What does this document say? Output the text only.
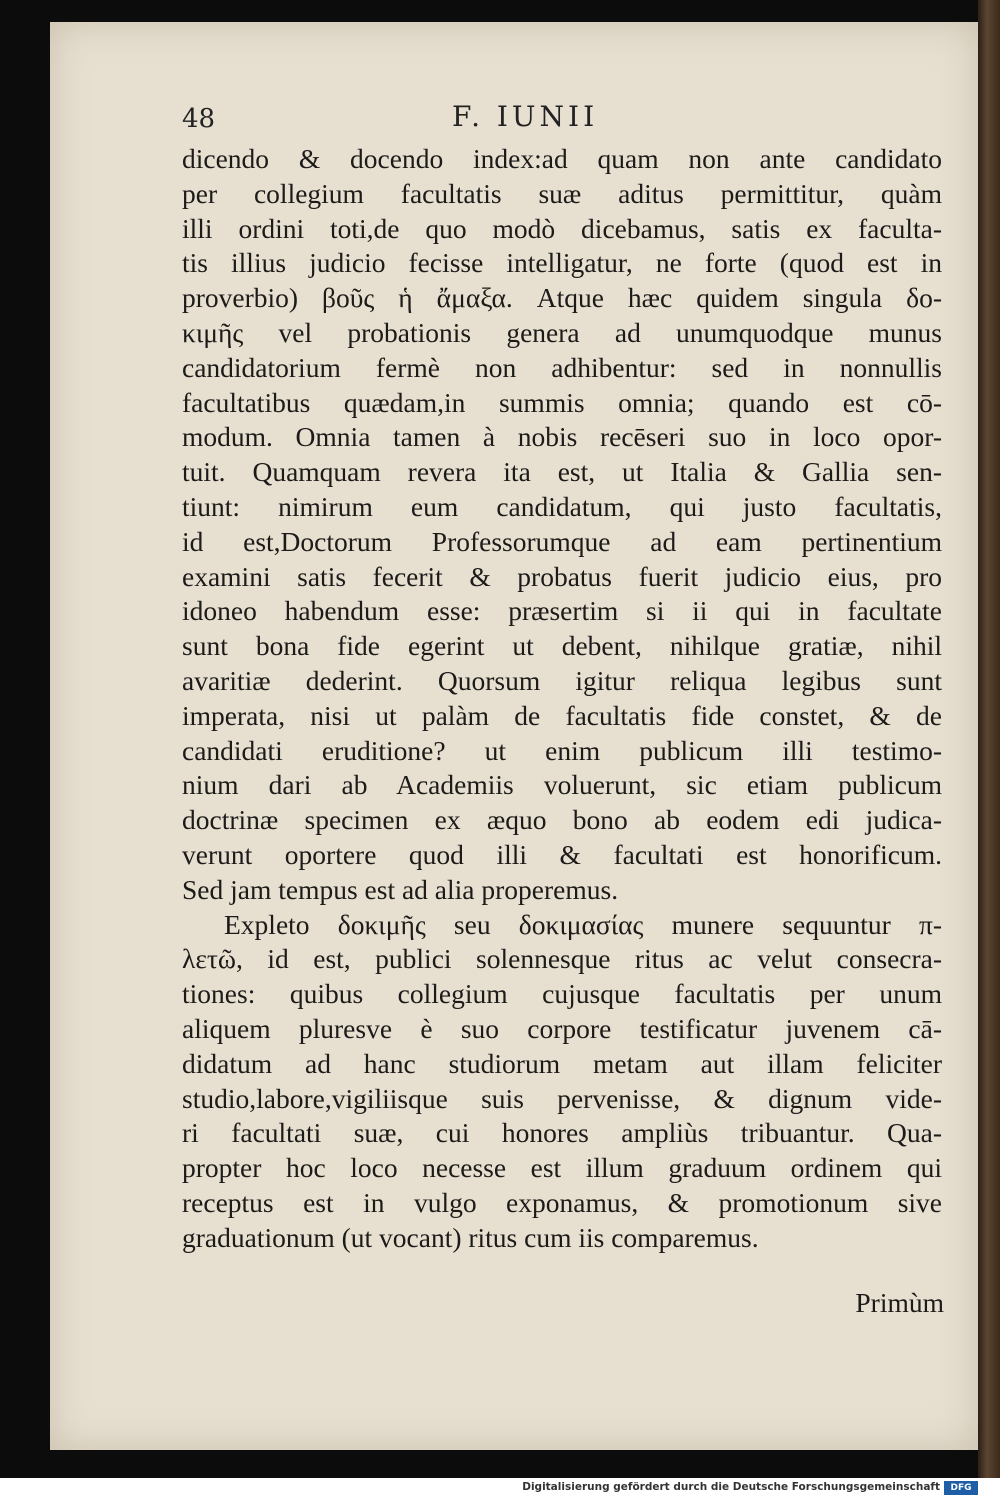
48	F. IUNII
dicendo & docendo index:ad quam non ante candidato
per collegium facultatis suæ aditus permittitur, quàm
illi ordini toti,de quo modò dicebamus, satis ex faculta-
tis illius judicio fecisse intelligatur, ne forte (quod est in
proverbio) βοῦς ἡ ἄμαξα. Atque hæc quidem singula δο-
κιμῆς vel probationis genera ad unumquodque munus
candidatorium fermè non adhibentur: sed in nonnullis
facultatibus quædam,in summis omnia; quando est cō-
modum. Omnia tamen à nobis recēseri suo in loco opor-
tuit. Quamquam revera ita est, ut Italia & Gallia sen-
tiunt: nimirum eum candidatum, qui justo facultatis,
id est,Doctorum Professorumque ad eam pertinentium
examini satis fecerit & probatus fuerit judicio eius, pro
idoneo habendum esse: præsertim si ii qui in facultate
sunt bona fide egerint ut debent, nihilque gratiæ, nihil
avaritiæ dederint. Quorsum igitur reliqua legibus sunt
imperata, nisi ut palàm de facultatis fide constet, & de
candidati eruditione? ut enim publicum illi testimo-
nium dari ab Academiis voluerunt, sic etiam publicum
doctrinæ specimen ex æquo bono ab eodem edi judica-
verunt oportere quod illi & facultati est honorificum.
Sed jam tempus est ad alia properemus.
Expleto δοκιμῆς seu δοκιμασίας munere sequuntur π-
λετῶ, id est, publici solennesque ritus ac velut consecra-
tiones: quibus collegium cujusque facultatis per unum
aliquem pluresve è suo corpore testificatur juvenem cā-
didatum ad hanc studiorum metam aut illam feliciter
studio,labore,vigiliisque suis pervenisse, & dignum vide-
ri facultati suæ, cui honores ampliùs tribuantur. Qua-
propter hoc loco necesse est illum graduum ordinem qui
receptus est in vulgo exponamus, & promotionum sive
graduationum (ut vocant) ritus cum iis comparemus.
Primùm
Digitalisierung gefördert durch die Deutsche Forschungsgemeinschaft	DFG
